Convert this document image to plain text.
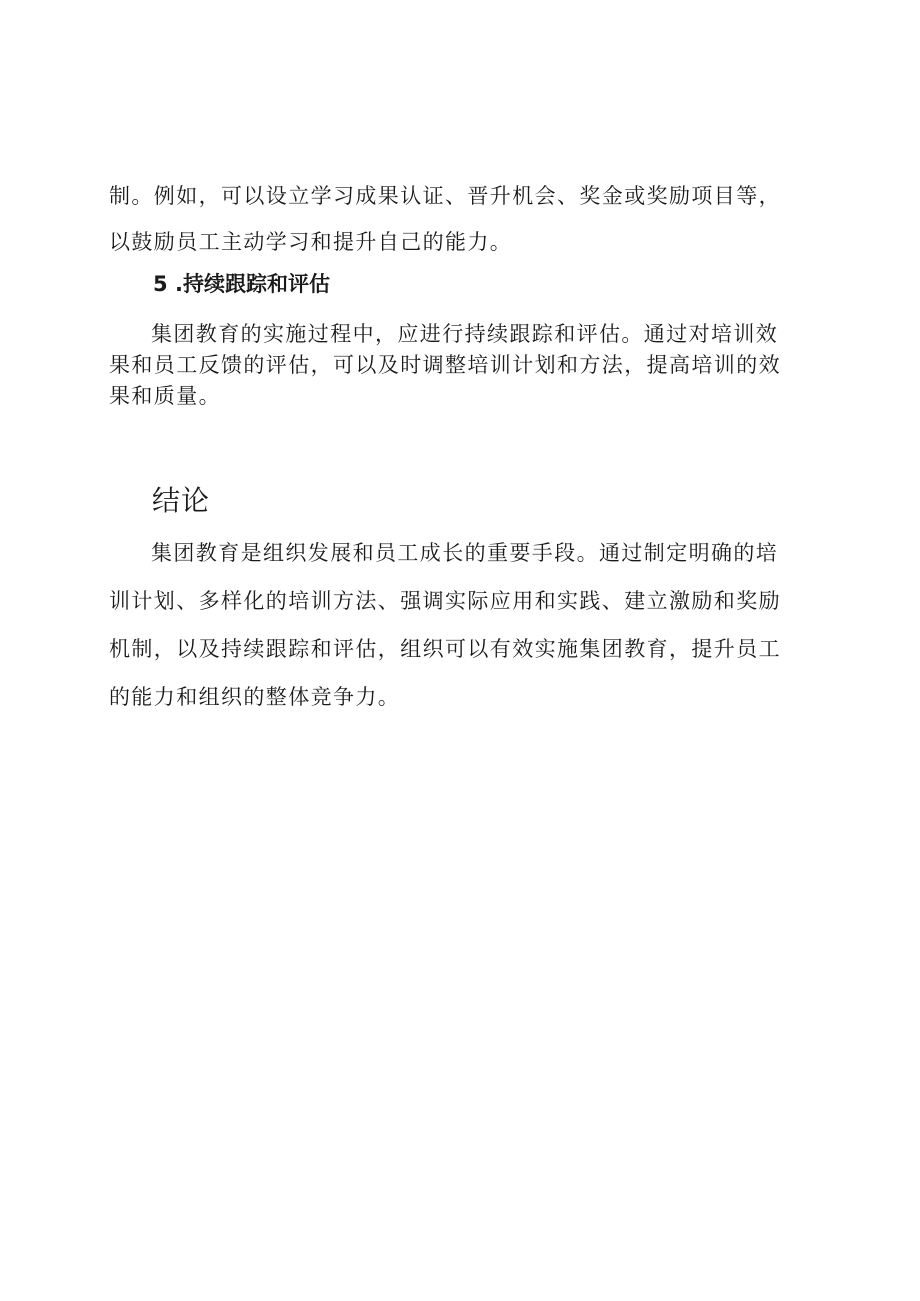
制。例如，可以设立学习成果认证、晋升机会、奖金或奖励项目等，
以鼓励员工主动学习和提升自己的能力。
5 .持续跟踪和评估
集团教育的实施过程中，应进行持续跟踪和评估。通过对培训效
果和员工反馈的评估，可以及时调整培训计划和方法，提高培训的效
果和质量。
结论
集团教育是组织发展和员工成长的重要手段。通过制定明确的培
训计划、多样化的培训方法、强调实际应用和实践、建立激励和奖励
机制，以及持续跟踪和评估，组织可以有效实施集团教育，提升员工
的能力和组织的整体竞争力。
